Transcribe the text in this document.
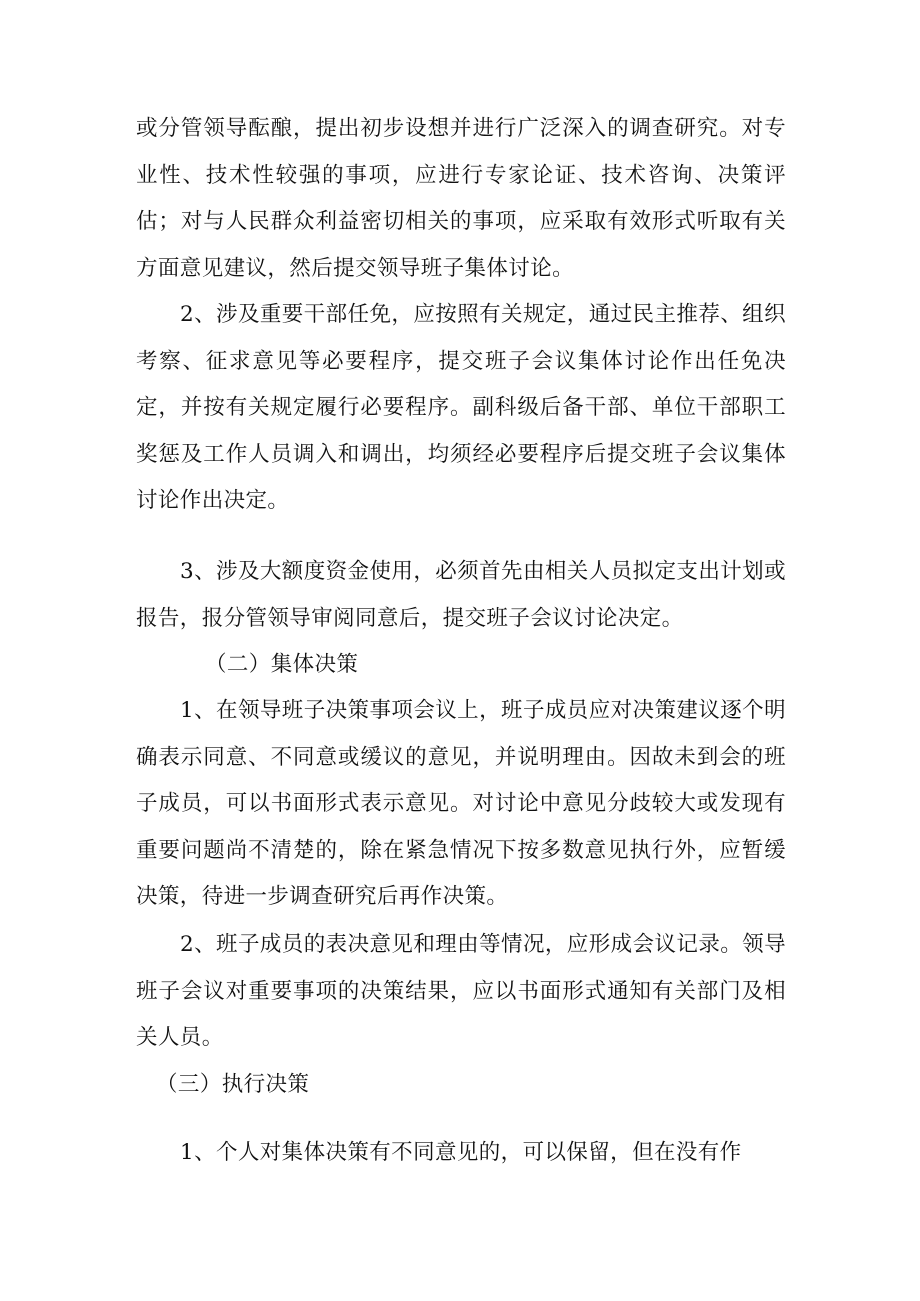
或分管领导酝酿，提出初步设想并进行广泛深入的调查研究。对专业性、技术性较强的事项，应进行专家论证、技术咨询、决策评估；对与人民群众利益密切相关的事项，应采取有效形式听取有关方面意见建议，然后提交领导班子集体讨论。

2、涉及重要干部任免，应按照有关规定，通过民主推荐、组织考察、征求意见等必要程序，提交班子会议集体讨论作出任免决定，并按有关规定履行必要程序。副科级后备干部、单位干部职工奖惩及工作人员调入和调出，均须经必要程序后提交班子会议集体讨论作出决定。

3、涉及大额度资金使用，必须首先由相关人员拟定支出计划或报告，报分管领导审阅同意后，提交班子会议讨论决定。

（二）集体决策

1、在领导班子决策事项会议上，班子成员应对决策建议逐个明确表示同意、不同意或缓议的意见，并说明理由。因故未到会的班子成员，可以书面形式表示意见。对讨论中意见分歧较大或发现有重要问题尚不清楚的，除在紧急情况下按多数意见执行外，应暂缓决策，待进一步调查研究后再作决策。

2、班子成员的表决意见和理由等情况，应形成会议记录。领导班子会议对重要事项的决策结果，应以书面形式通知有关部门及相关人员。

（三）执行决策

1、个人对集体决策有不同意见的，可以保留，但在没有作
